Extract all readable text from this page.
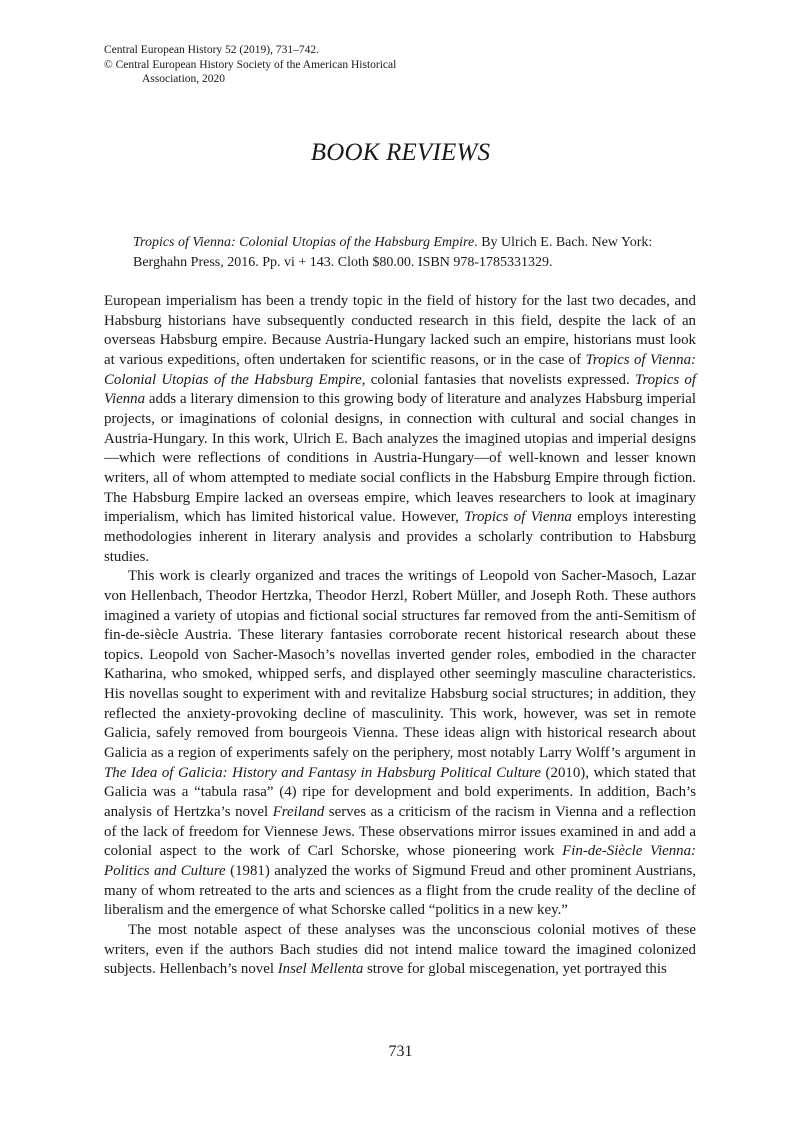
Central European History 52 (2019), 731–742.
© Central European History Society of the American Historical
Association, 2020
BOOK REVIEWS
Tropics of Vienna: Colonial Utopias of the Habsburg Empire. By Ulrich E. Bach. New York: Berghahn Press, 2016. Pp. vi + 143. Cloth $80.00. ISBN 978-1785331329.

European imperialism has been a trendy topic in the field of history for the last two decades, and Habsburg historians have subsequently conducted research in this field, despite the lack of an overseas Habsburg empire. Because Austria-Hungary lacked such an empire, historians must look at various expeditions, often undertaken for scientific reasons, or in the case of Tropics of Vienna: Colonial Utopias of the Habsburg Empire, colonial fantasies that novelists expressed. Tropics of Vienna adds a literary dimension to this growing body of literature and analyzes Habsburg imperial projects, or imaginations of colonial designs, in connection with cultural and social changes in Austria-Hungary. In this work, Ulrich E. Bach analyzes the imagined utopias and imperial designs—which were reflections of conditions in Austria-Hungary—of well-known and lesser known writers, all of whom attempted to mediate social conflicts in the Habsburg Empire through fiction. The Habsburg Empire lacked an overseas empire, which leaves researchers to look at imaginary imperialism, which has limited historical value. However, Tropics of Vienna employs interesting methodologies inherent in literary analysis and provides a scholarly contribution to Habsburg studies.

This work is clearly organized and traces the writings of Leopold von Sacher-Masoch, Lazar von Hellenbach, Theodor Hertzka, Theodor Herzl, Robert Müller, and Joseph Roth. These authors imagined a variety of utopias and fictional social structures far removed from the anti-Semitism of fin-de-siècle Austria. These literary fantasies corroborate recent historical research about these topics. Leopold von Sacher-Masoch’s novellas inverted gender roles, embodied in the character Katharina, who smoked, whipped serfs, and displayed other seemingly masculine characteristics. His novellas sought to experiment with and revitalize Habsburg social structures; in addition, they reflected the anxiety-provoking decline of masculinity. This work, however, was set in remote Galicia, safely removed from bourgeois Vienna. These ideas align with historical research about Galicia as a region of experiments safely on the periphery, most notably Larry Wolff’s argument in The Idea of Galicia: History and Fantasy in Habsburg Political Culture (2010), which stated that Galicia was a “tabula rasa” (4) ripe for development and bold experiments. In addition, Bach’s analysis of Hertzka’s novel Freiland serves as a criticism of the racism in Vienna and a reflection of the lack of freedom for Viennese Jews. These observations mirror issues examined in and add a colonial aspect to the work of Carl Schorske, whose pioneering work Fin-de-Siècle Vienna: Politics and Culture (1981) analyzed the works of Sigmund Freud and other prominent Austrians, many of whom retreated to the arts and sciences as a flight from the crude reality of the decline of liberalism and the emergence of what Schorske called “politics in a new key.”

The most notable aspect of these analyses was the unconscious colonial motives of these writers, even if the authors Bach studies did not intend malice toward the imagined colonized subjects. Hellenbach’s novel Insel Mellenta strove for global miscegenation, yet portrayed this

731
